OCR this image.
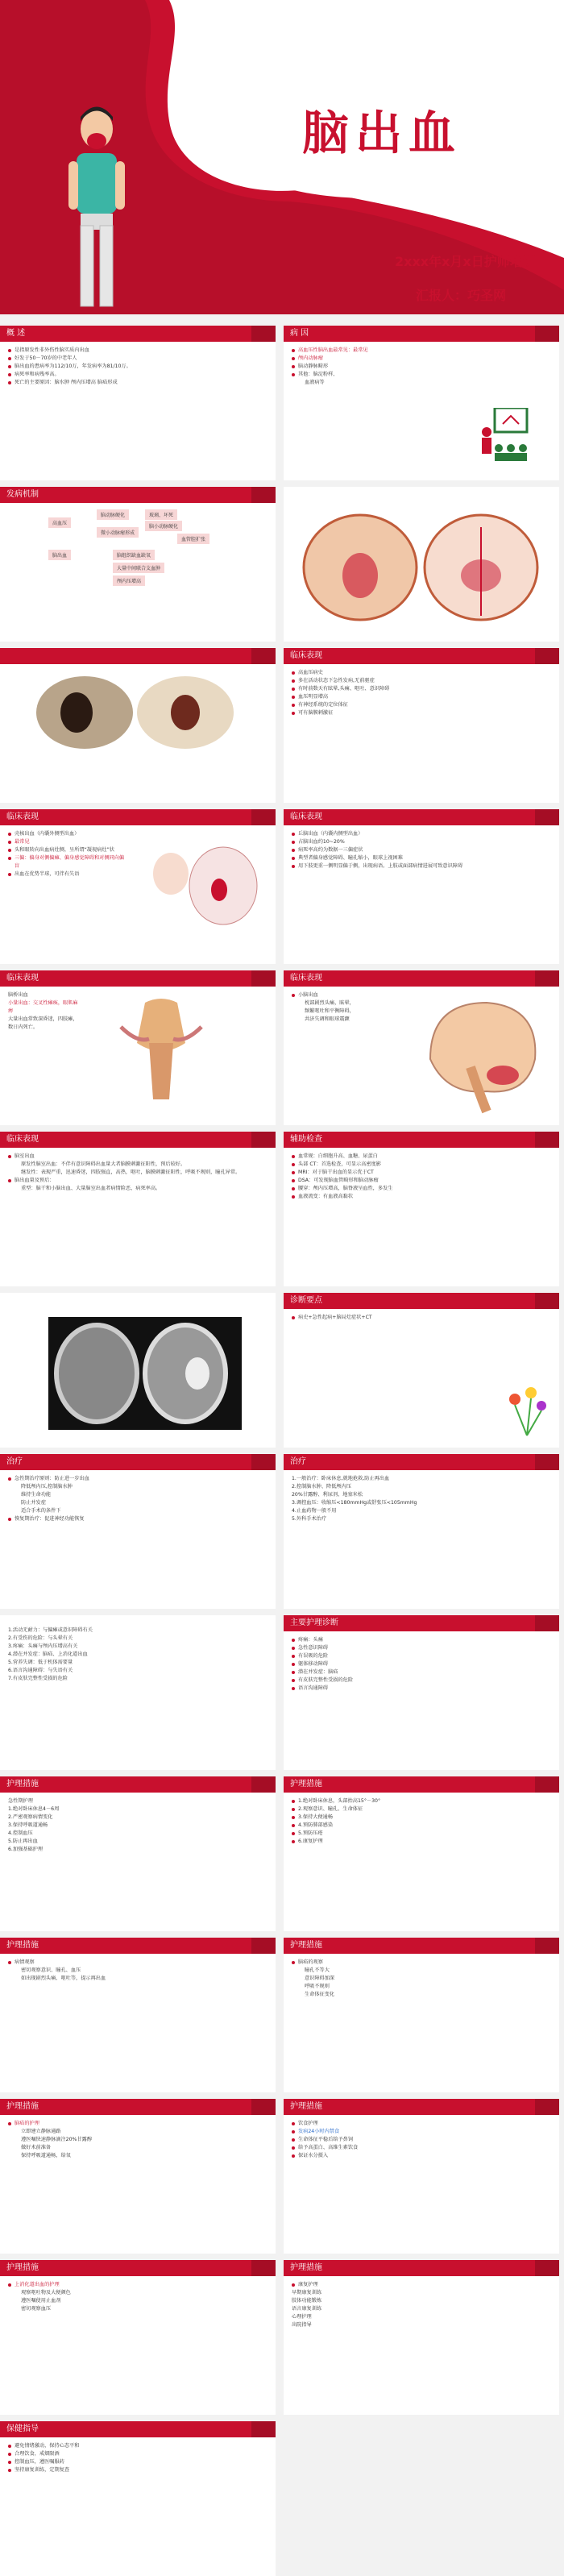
脑出血
2xxx年x月x日护师培训
汇报人：巧圣网
概 述
是指原发性非外伤性脑实质内出血
好发于50－70岁的中老年人
脑出血的患病率为112/10万，年发病率为81/10万。
病死率和病残率高。
死亡的主要原因：脑水肿 颅内压增高 脑疝形成
病 因
高血压性脑出血最常见：最常见
颅内动脉瘤
脑动静脉畸形
其他：脑淀粉样、
血液病等
发病机制
高血压
脑动脉硬化	玻璃、坏死
微小动脉瘤形成
脑小动脉硬化
血管腔扩张
脑出血	脑组织缺血缺氧
大量中间联合支血肿
颅内压增高
临床表现
高血压病史
多在活动状态下急性发病,无前驱症
有时前数天有眩晕,头痛、呕吐、意识障碍
血压明显增高
有神经系统的定位体征
可有脑膜刺激征
临床表现
壳核出血（内囊外侧型出血）
最常见
头和眼转向出血病灶侧，呈所谓“凝视病灶”状
三偏：偏身对侧偏瘫、偏身感觉障碍和对侧同向偏盲
出血在优势半球，可伴有失语
临床表现
丘脑出血（内囊内侧型出血）
占脑出血约10~20%
病死率高约为数据一三偏症状
典型者偏身感觉障碍、瞳孔缩小，眼球上视困难
用下肢更重一侧明显偏于侧，出现病语。上肢或面部病情进展可致意识障碍
临床表现
脑桥出血
小量出血：交叉性瘫痪，眼肌麻痹
大量出血常致深昏迷，四肢瘫，数日内死亡。
临床表现
小脑出血
枕部剧烈头痛，眩晕，
频繁呕吐和平衡障碍，
共济失调和眼球震颤
临床表现
脑室出血
原发性脑室出血：不伴有意识障碍出血量大者脑膜刺激征阳性，预后较好。
继发性：表现严重，迅速昏迷，四肢强直，高热，呕吐，脑膜刺激征阳性，呼吸不规则，瞳孔异常。
脑出血量及预后：
重型：脑干和小脑出血、大量脑室出血者病情险恶，病死率高。
辅助检查
血常规：白细胞升高、血糖、尿蛋白
头部 CT：首选检查，可显示高密度影
MRI：对于脑干出血的显示优于CT
DSA：可发现脑血管畸形和脑动脉瘤
腰穿：颅内压增高，脑脊液呈血性，多发生
血液流变：有血液高黏状
诊断要点
病史+急性起病+脑局灶症状+CT
治疗
急性期治疗原则：防止进一步出血
降低颅内压,控制脑水肿
维持生命功能
防止并发症
适合手术的条件下
恢复期治疗：促进神经功能恢复
治疗
1.一般治疗：卧床休息,就地抢救,防止再出血
2.控制脑水肿、降低颅内压
20%甘露醇、利尿剂、地塞米松
3.调控血压：收缩压<180mmHg或舒张压<105mmHg
4.止血药物一般不用
5.外科手术治疗
1.活动无耐力：与偏瘫或意识障碍有关
2.有受伤的危险：与头晕有关
3.疼痛：头痛与颅内压增高有关
4.潜在并发症：脑疝、上消化道出血
5.营养失调：低于机体需要量
6.语言沟通障碍：与失语有关
7.有皮肤完整性受损的危险
主要护理诊断
疼痛：头痛
急性意识障碍
有误吸的危险
躯体移动障碍
潜在并发症：脑疝
有皮肤完整性受损的危险
语言沟通障碍
护理措施
急性期护理
1.绝对卧床休息4－6周
2.严密观察病情变化
3.保持呼吸道通畅
4.控制血压
5.防止再出血
6.加强基础护理
护理措施
1.绝对卧床休息，头部抬高15°－30°
2.观察意识、瞳孔、生命体征
3.保持大便通畅
4.预防肺部感染
5.预防压疮
6.康复护理
护理措施
病情观察
密切观察意识、瞳孔、血压
如出现剧烈头痛、呕吐等，提示再出血
护理措施
脑疝的观察
瞳孔不等大
意识障碍加深
呼吸不规则
生命体征变化
护理措施
脑疝的护理
立即建立静脉通路
遵医嘱快速静脉滴注20%甘露醇
做好术前准备
保持呼吸道通畅，给氧
护理措施
饮食护理
发病24小时内禁食
生命体征平稳后给予鼻饲
给予高蛋白、高维生素饮食
保证水分摄入
护理措施
上消化道出血的护理
观察呕吐物及大便颜色
遵医嘱使用止血剂
密切观察血压
护理措施
康复护理
早期康复训练
肢体功能锻炼
语言康复训练
心理护理
出院指导
保健指导
避免情绪激动，保持心态平和
合理饮食，戒烟限酒
控制血压，遵医嘱服药
坚持康复训练，定期复查
